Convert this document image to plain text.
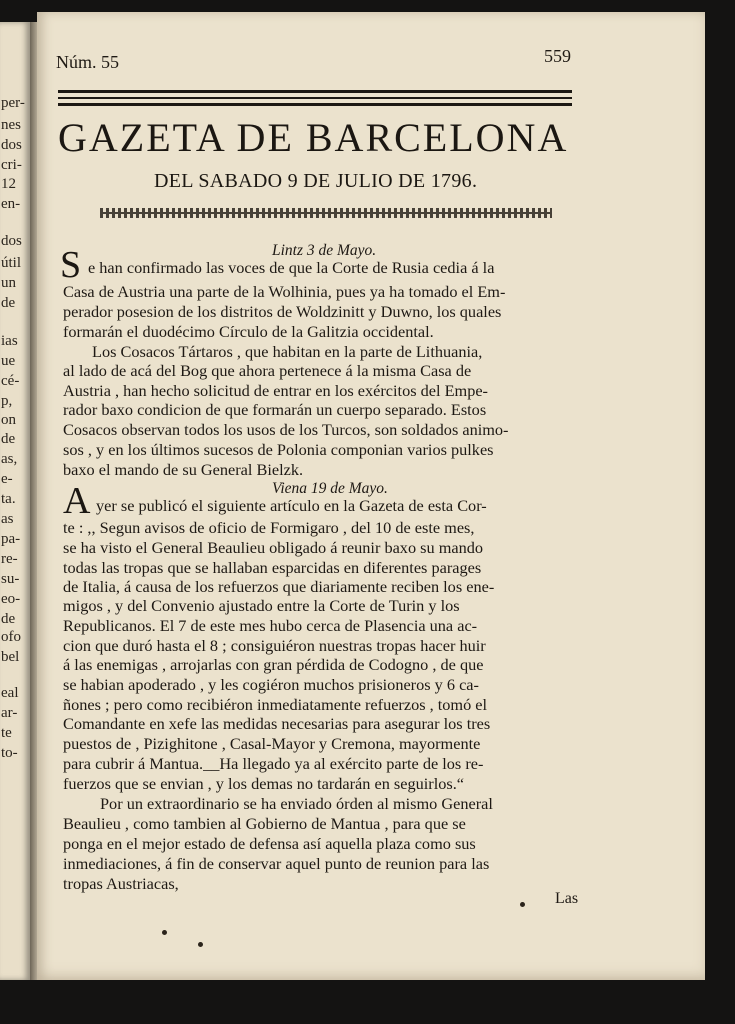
per-
nes
dos
cri-
12
en-
dos
útil
un
de
ias
ue
cé-
p,
on
de
as,
e-
ta.
as
pa-
re-
su-
eo-
de
ofo
bel
eal
ar-
te
to-
Núm. 55	559
GAZETA DE BARCELONA
DEL SABADO 9 DE JULIO DE 1796.
Lintz 3 de Mayo.
S e han confirmado las voces de que la Corte de Rusia cedia á la
Casa de Austria una parte de la Wolhinia, pues ya ha tomado el Em-
perador posesion de los distritos de Woldzinitt y Duwno, los quales
formarán el duodécimo Círculo de la Galitzia occidental.
Los Cosacos Tártaros , que habitan en la parte de Lithuania,
al lado de acá del Bog que ahora pertenece á la misma Casa de
Austria , han hecho solicitud de entrar en los exércitos del Empe-
rador baxo condicion de que formarán un cuerpo separado. Estos
Cosacos observan todos los usos de los Turcos, son soldados animo-
sos , y en los últimos sucesos de Polonia componian varios pulkes
baxo el mando de su General Bielzk.
Viena 19 de Mayo.
A yer se publicó el siguiente artículo en la Gazeta de esta Cor-
te : ,, Segun avisos de oficio de Formigaro , del 10 de este mes,
se ha visto el General Beaulieu obligado á reunir baxo su mando
todas las tropas que se hallaban esparcidas en diferentes parages
de Italia, á causa de los refuerzos que diariamente reciben los ene-
migos , y del Convenio ajustado entre la Corte de Turin y los
Republicanos. El 7 de este mes hubo cerca de Plasencia una ac-
cion que duró hasta el 8 ; consiguiéron nuestras tropas hacer huir
á las enemigas , arrojarlas con gran pérdida de Codogno , de que
se habian apoderado , y les cogiéron muchos prisioneros y 6 ca-
ñones ; pero como recibiéron inmediatamente refuerzos , tomó el
Comandante en xefe las medidas necesarias para asegurar los tres
puestos de , Pizighitone , Casal-Mayor y Cremona, mayormente
para cubrir á Mantua.__Ha llegado ya al exército parte de los re-
fuerzos que se envian , y los demas no tardarán en seguirlos.“
Por un extraordinario se ha enviado órden al mismo General
Beaulieu , como tambien al Gobierno de Mantua , para que se
ponga en el mejor estado de defensa así aquella plaza como sus
inmediaciones, á fin de conservar aquel punto de reunion para las
tropas Austriacas,
Las
